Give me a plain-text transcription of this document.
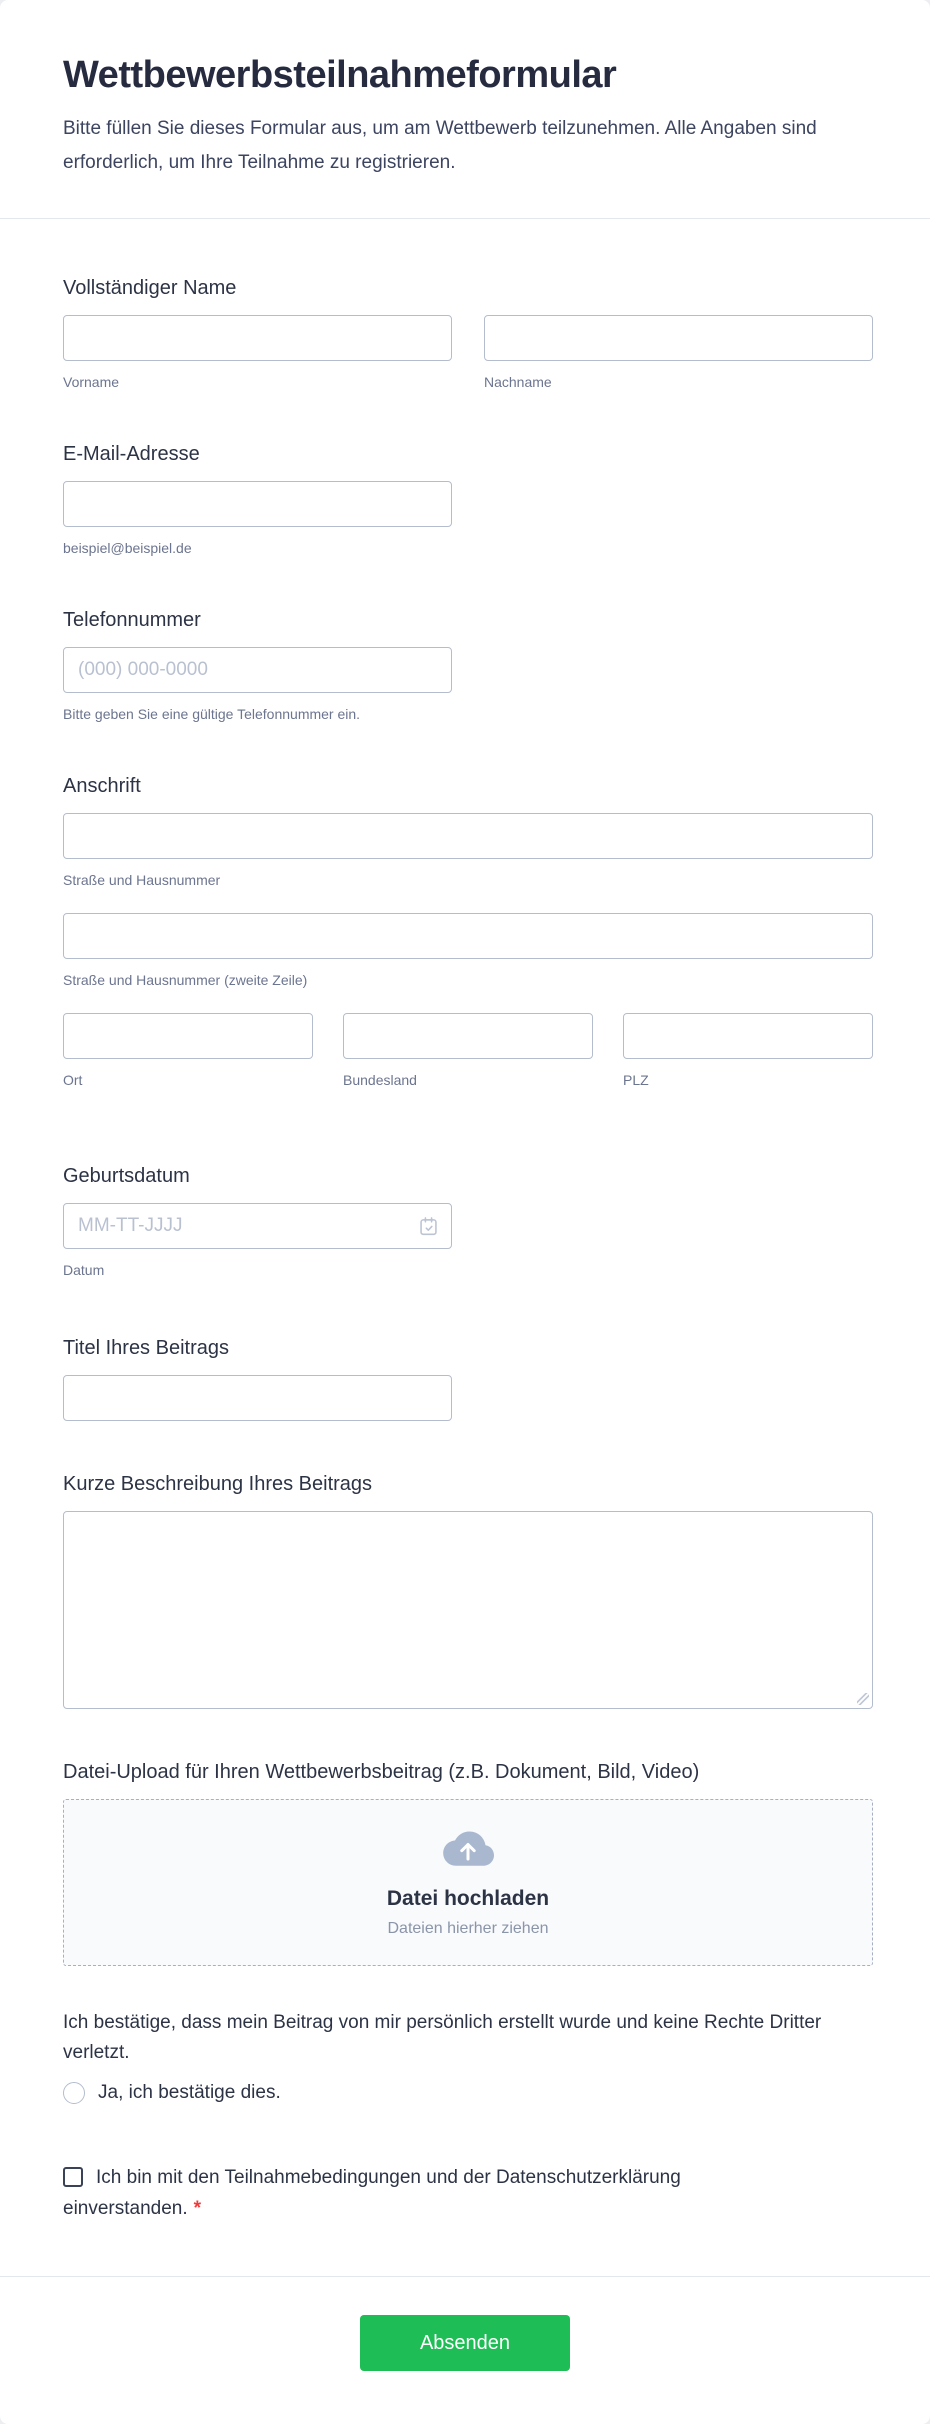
Wettbewerbsteilnahmeformular

Bitte füllen Sie dieses Formular aus, um am Wettbewerb teilzunehmen. Alle Angaben sind erforderlich, um Ihre Teilnahme zu registrieren.

Vollständiger Name
Vorname	Nachname
E-Mail-Adresse
beispiel@beispiel.de
Telefonnummer
(000) 000-0000
Bitte geben Sie eine gültige Telefonnummer ein.
Anschrift
Straße und Hausnummer
Straße und Hausnummer (zweite Zeile)
Ort	Bundesland	PLZ
Geburtsdatum
MM-TT-JJJJ
Datum
Titel Ihres Beitrags
Kurze Beschreibung Ihres Beitrags
Datei-Upload für Ihren Wettbewerbsbeitrag (z.B. Dokument, Bild, Video)
Datei hochladen
Dateien hierher ziehen
Ich bestätige, dass mein Beitrag von mir persönlich erstellt wurde und keine Rechte Dritter verletzt.
Ja, ich bestätige dies.
Ich bin mit den Teilnahmebedingungen und der Datenschutzerklärung einverstanden. *
Absenden
